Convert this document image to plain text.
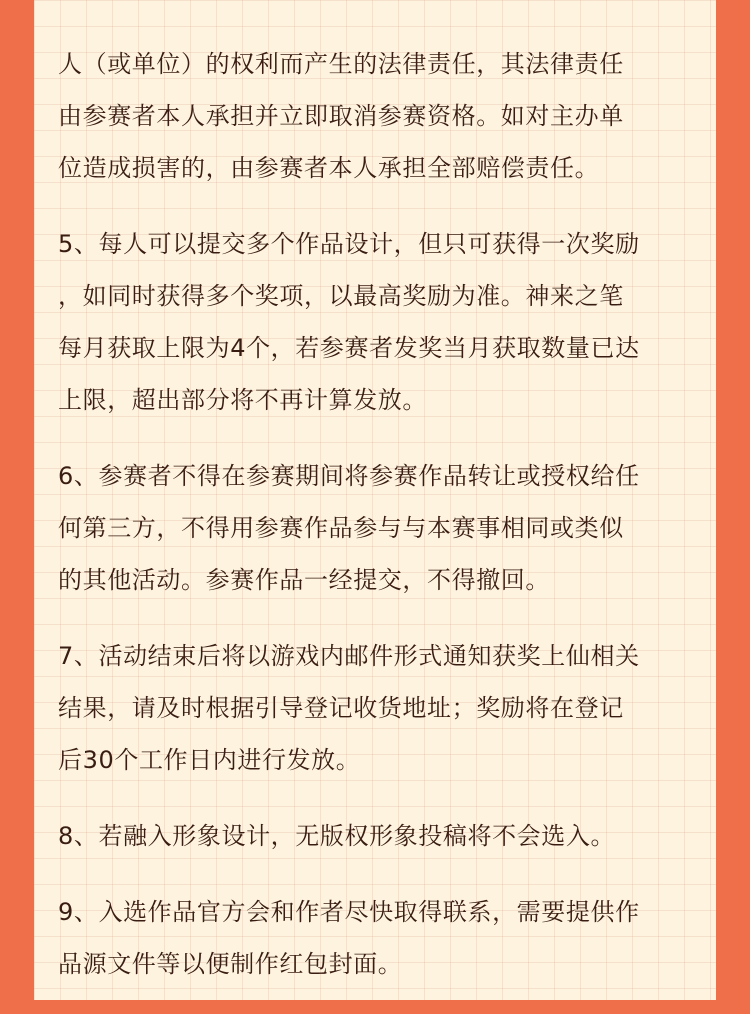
人（或单位）的权利而产生的法律责任，其法律责任
由参赛者本人承担并立即取消参赛资格。如对主办单
位造成损害的，由参赛者本人承担全部赔偿责任。
5、每人可以提交多个作品设计，但只可获得一次奖励
，如同时获得多个奖项，以最高奖励为准。神来之笔
每月获取上限为4个，若参赛者发奖当月获取数量已达
上限，超出部分将不再计算发放。
6、参赛者不得在参赛期间将参赛作品转让或授权给任
何第三方，不得用参赛作品参与与本赛事相同或类似
的其他活动。参赛作品一经提交，不得撤回。
7、活动结束后将以游戏内邮件形式通知获奖上仙相关
结果，请及时根据引导登记收货地址；奖励将在登记
后30个工作日内进行发放。
8、若融入形象设计，无版权形象投稿将不会选入。
9、入选作品官方会和作者尽快取得联系，需要提供作
品源文件等以便制作红包封面。
